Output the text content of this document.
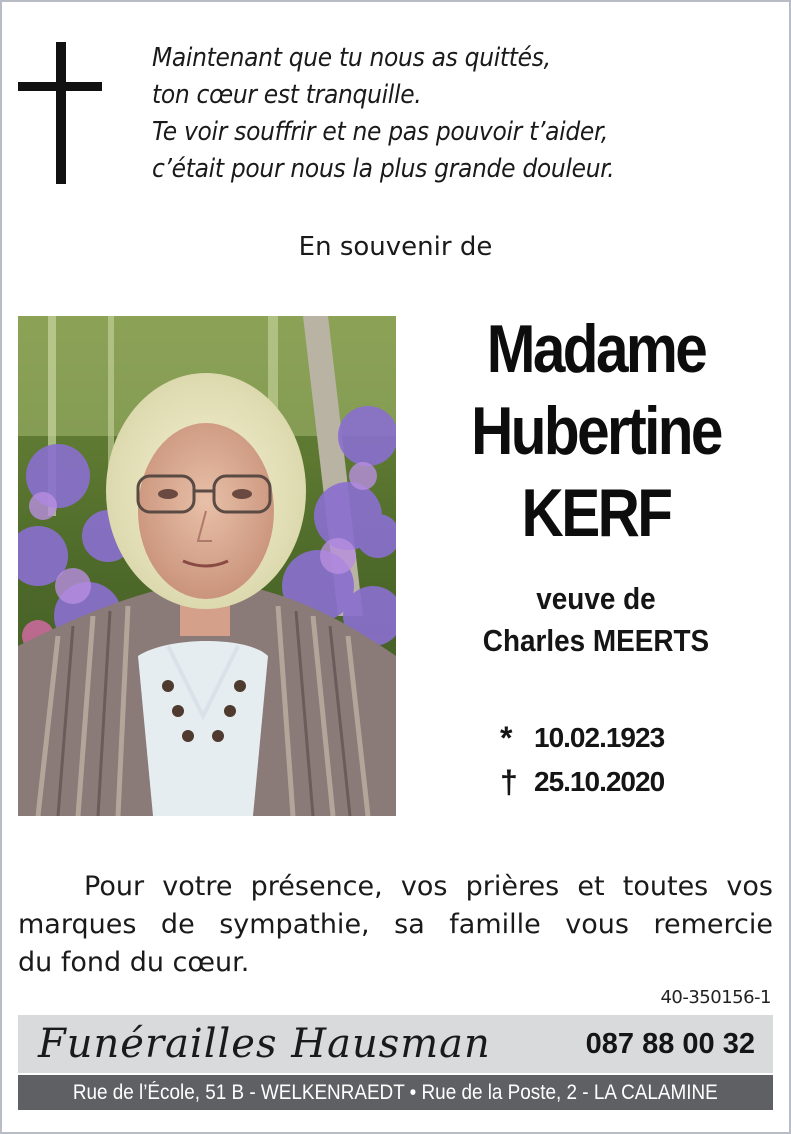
Maintenant que tu nous as quittés,
ton cœur est tranquille.
Te voir souffrir et ne pas pouvoir t’aider,
c’était pour nous la plus grande douleur.
En souvenir de
Madame
Hubertine
KERF
veuve de
Charles MEERTS
* 10.02.1923
† 25.10.2020
Pour votre présence, vos prières et toutes vos
marques de sympathie, sa famille vous remercie
du fond du cœur.
40-350156-1
Funérailles Hausman	087 88 00 32
Rue de l’École, 51 B - WELKENRAEDT • Rue de la Poste, 2 - LA CALAMINE
